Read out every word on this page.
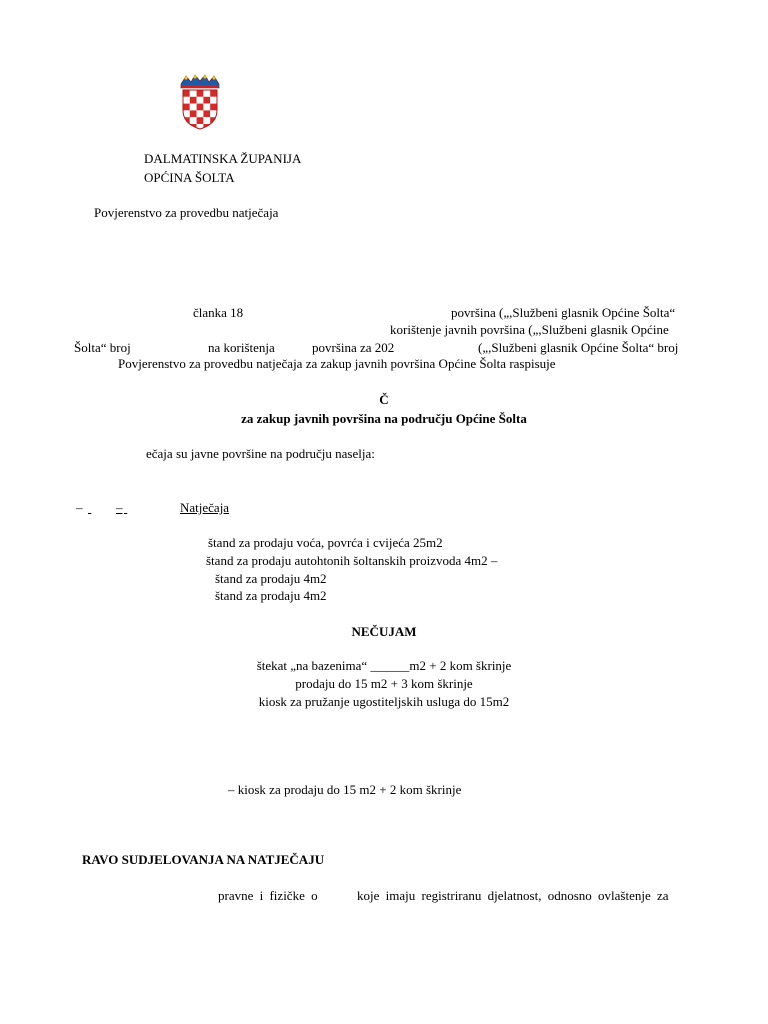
DALMATINSKA ŽUPANIJA
OPĆINA ŠOLTA
Povjerenstvo za provedbu natječaja
članka 18	površina („,Službeni glasnik Općine Šolta“
korištenje javnih površina („,Službeni glasnik Općine
Šolta“ broj	na korištenja	površina za 202	(„,Službeni glasnik Općine Šolta“ broj
Povjerenstvo za provedbu natječaja za zakup javnih površina Općine Šolta raspisuje
Č
za zakup javnih površina na području Općine Šolta
ečaja su javne površine na području naselja:
–
	–
	Natječaja
štand za prodaju voća, povrća i cvijeća 25m2
štand za prodaju autohtonih šoltanskih proizvoda 4m2 –
štand za prodaju 4m2
štand za prodaju 4m2
NEČUJAM
štekat „na bazenima“ ______m2 + 2 kom škrinje
prodaju do 15 m2 + 3 kom škrinje
kiosk za pružanje ugostiteljskih usluga do 15m2
– kiosk za prodaju do 15 m2 + 2 kom škrinje
RAVO SUDJELOVANJA NA NATJEČAJU
pravne i fizičke o	koje imaju registriranu djelatnost, odnosno ovlaštenje za
